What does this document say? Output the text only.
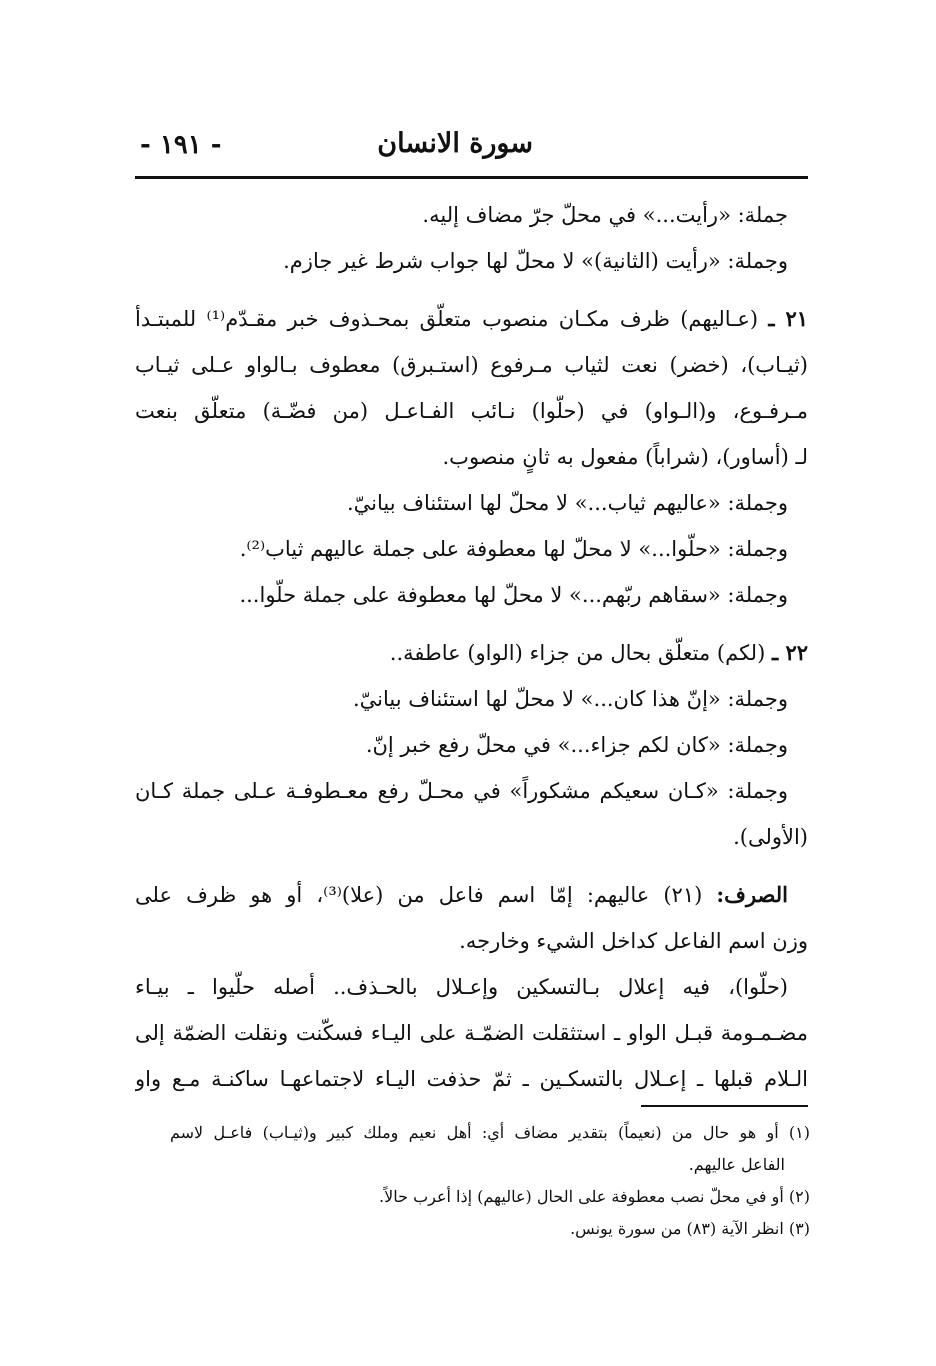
سورة الانسان
- ١٩١ -
جملة: «رأيت...» في محلّ جرّ مضاف إليه.
وجملة: «رأيت (الثانية)» لا محلّ لها جواب شرط غير جازم.
٢١ ـ (عـاليهم) ظرف مكـان منصوب متعلّق بمحـذوف خبر مقـدّم⁽¹⁾ للمبتـدأ
(ثيـاب)، (خضر) نعت لثياب مـرفوع (استـبرق) معطوف بـالواو عـلى ثيـاب
مـرفـوع، و(الـواو) في (حلّوا) نـائب الفـاعـل (من فضّـة) متعلّق بنعت
لـ (أساور)، (شراباً) مفعول به ثانٍ منصوب.
وجملة: «عاليهم ثياب...» لا محلّ لها استئناف بيانيّ.
وجملة: «حلّوا...» لا محلّ لها معطوفة على جملة عاليهم ثياب⁽²⁾.
وجملة: «سقاهم ربّهم...» لا محلّ لها معطوفة على جملة حلّوا...
٢٢ ـ (لكم) متعلّق بحال من جزاء (الواو) عاطفة..
وجملة: «إنّ هذا كان...» لا محلّ لها استئناف بيانيّ.
وجملة: «كان لكم جزاء...» في محلّ رفع خبر إنّ.
وجملة: «كـان سعيكم مشكوراً» في محـلّ رفع معـطوفـة عـلى جملة كـان
(الأولى).
الصرف: (٢١) عاليهم: إمّا اسم فاعل من (علا)⁽³⁾، أو هو ظرف على
وزن اسم الفاعل كداخل الشيء وخارجه.
(حلّوا)، فيه إعلال بـالتسكين وإعـلال بالحـذف.. أصله حلّيوا ـ بيـاء
مضـمـومة قبـل الواو ـ استثقلت الضمّـة على اليـاء فسكّنت ونقلت الضمّة إلى
الـلام قبلها ـ إعـلال بالتسكـين ـ ثمّ حذفت اليـاء لاجتماعهـا ساكنـة مـع واو
(١) أو هو حال من (نعيماً) بتقدير مضاف أي: أهل نعيم وملك كبير و(ثيـاب) فاعـل لاسم
الفاعل عاليهم.
(٢) أو في محلّ نصب معطوفة على الحال (عاليهم) إذا أعرب حالاً.
(٣) انظر الآية (٨٣) من سورة يونس.
